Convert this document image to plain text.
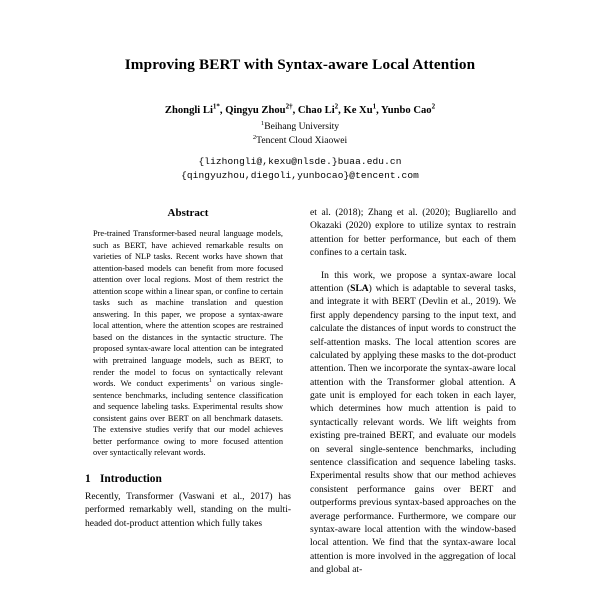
Improving BERT with Syntax-aware Local Attention
Zhongli $Li^{1*}$, Qingyu Zhou$^{2\dagger}$, Chao Li$^2$, Ke Xu$^1$, Yunbo Cao$^2$
$^1$Beihang University
$^2$Tencent Cloud Xiaowei
{lizhongli@,kexu@nlsde.}buaa.edu.cn
{qingyuzhou,diegoli,yunbocao}@tencent.com
Abstract

Pre-trained Transformer-based neural language models, such as BERT, have achieved remarkable results on varieties of NLP tasks. Recent works have shown that attention-based models can benefit from more focused attention over local regions. Most of them restrict the attention scope within a linear span, or confine to certain tasks such as machine translation and question answering. In this paper, we propose a syntax-aware local attention, where the attention scopes are restrained based on the distances in the syntactic structure. The proposed syntax-aware local attention can be integrated with pretrained language models, such as BERT, to render the model to focus on syntactically relevant words. We conduct experiments$^1$ on various single-sentence benchmarks, including sentence classification and sequence labeling tasks. Experimental results show consistent gains over BERT on all benchmark datasets. The extensive studies verify that our model achieves better performance owing to more focused attention over syntactically relevant words.

1 Introduction

Recently, Transformer (Vaswani et al., 2017) has performed remarkably well, standing on the multi-headed dot-product attention which fully takes

et al. (2018); Zhang et al. (2020); Bugliarello and Okazaki (2020) explore to utilize syntax to restrain attention for better performance, but each of them confines to a certain task.

In this work, we propose a syntax-aware local attention (SLA) which is adaptable to several tasks, and integrate it with BERT (Devlin et al., 2019). We first apply dependency parsing to the input text, and calculate the distances of input words to construct the self-attention masks. The local attention scores are calculated by applying these masks to the dot-product attention. Then we incorporate the syntax-aware local attention with the Transformer global attention. A gate unit is employed for each token in each layer, which determines how much attention is paid to syntactically relevant words. We lift weights from existing pre-trained BERT, and evaluate our models on several single-sentence benchmarks, including sentence classification and sequence labeling tasks. Experimental results show that our method achieves consistent performance gains over BERT and outperforms previous syntax-based approaches on the average performance. Furthermore, we compare our syntax-aware local attention with the window-based local attention. We find that the syntax-aware local attention is more involved in the aggregation of local and global at-
